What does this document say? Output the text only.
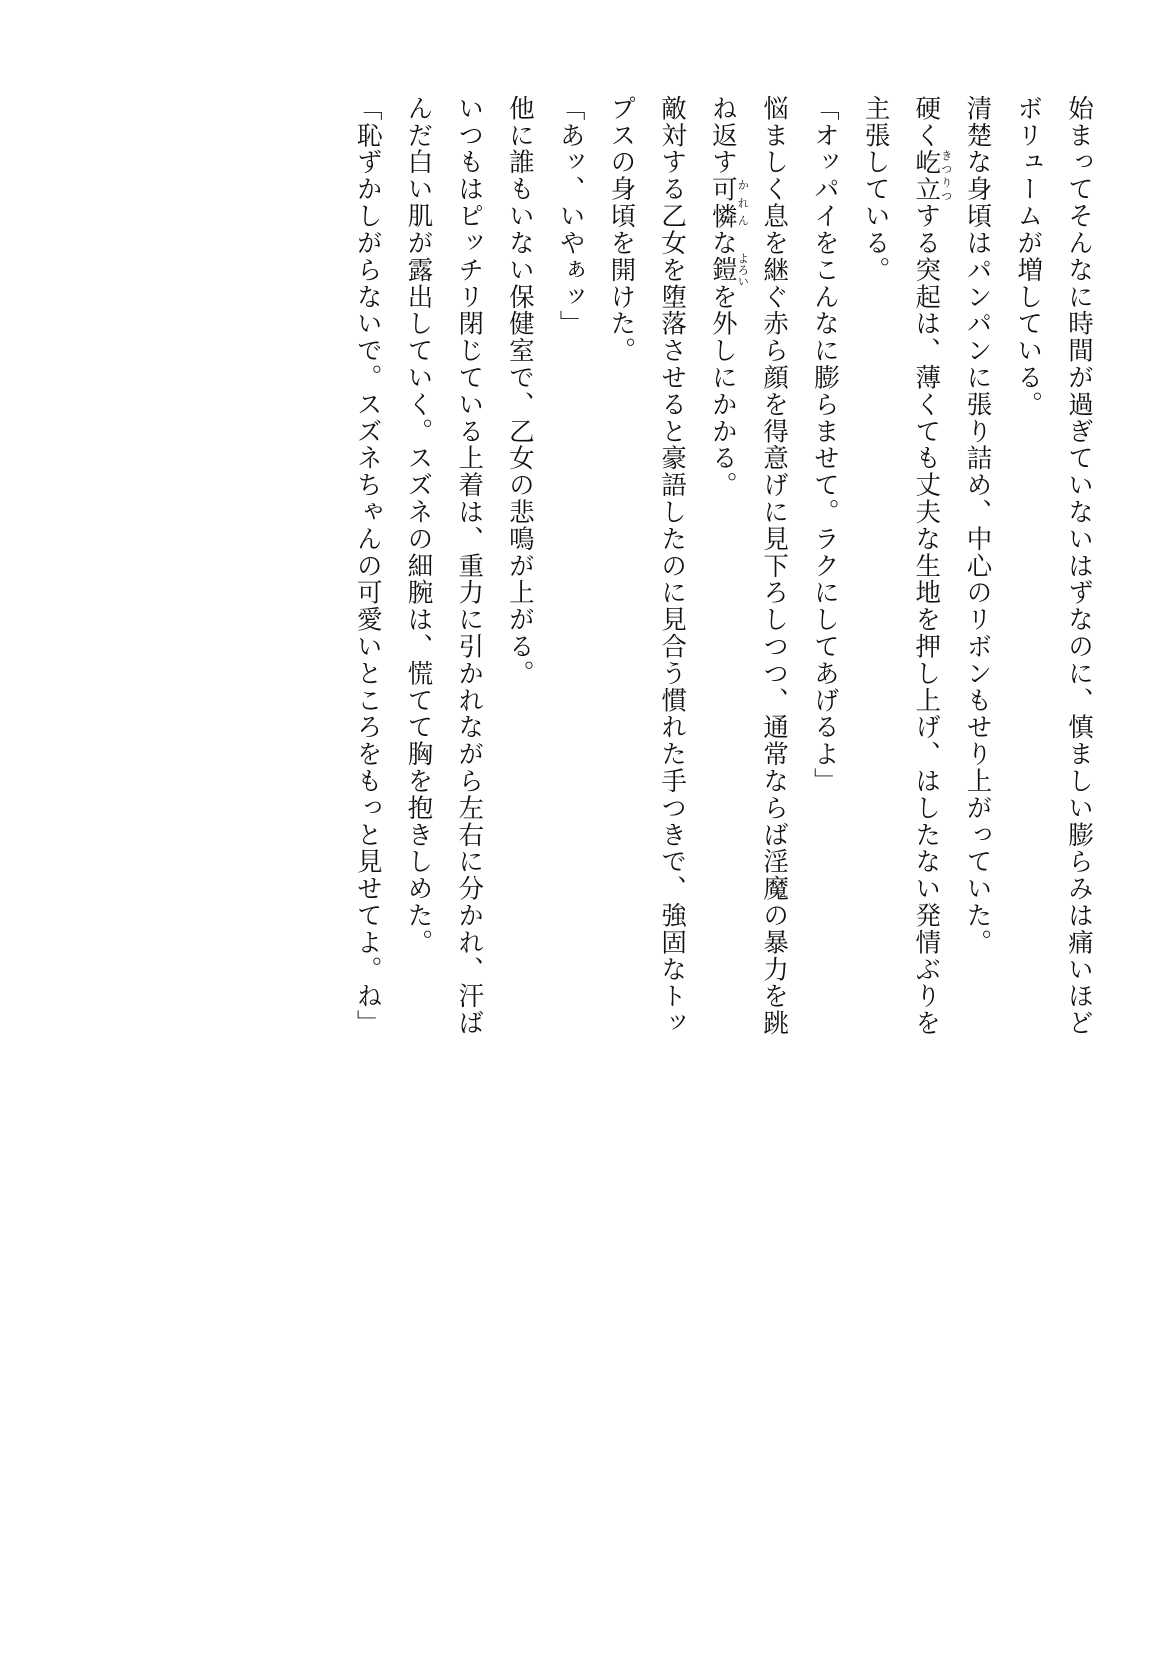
始まってそんなに時間が過ぎていないはずなのに、慎ましい膨らみは痛いほど

ボリュームが増している。

清楚な身頃はパンパンに張り詰め、中心のリボンもせり上がっていた。

硬く屹立きつりつする突起は、薄くても丈夫な生地を押し上げ、はしたない発情ぶりを

主張している。

「オッパイをこんなに膨らませて。ラクにしてあげるよ」

悩ましく息を継ぐ赤ら顔を得意げに見下ろしつつ、通常ならば淫魔の暴力を跳

ね返す可憐かれんな鎧よろいを外しにかかる。

敵対する乙女を堕落させると豪語したのに見合う慣れた手つきで、強固なトッ

プスの身頃を開けた。

「あッ、いやぁッ」

他に誰もいない保健室で、乙女の悲鳴が上がる。

いつもはピッチリ閉じている上着は、重力に引かれながら左右に分かれ、汗ば

んだ白い肌が露出していく。スズネの細腕は、慌てて胸を抱きしめた。

「恥ずかしがらないで。スズネちゃんの可愛いところをもっと見せてよ。ね」
